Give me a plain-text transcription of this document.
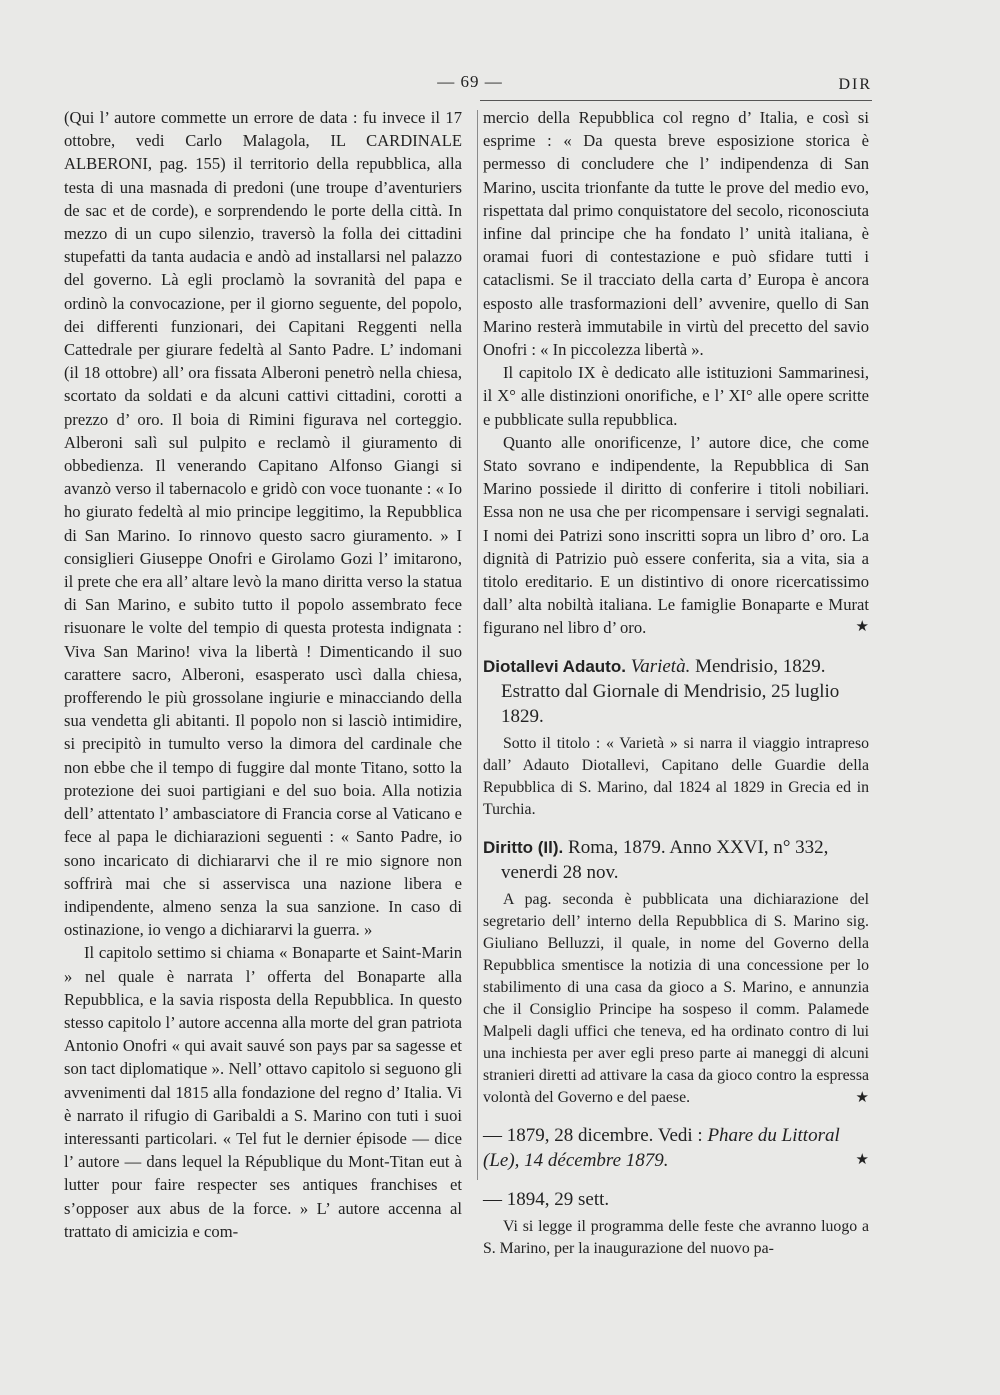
— 69 —	DIR

(Qui l’ autore commette un errore de data : fu invece il 17 ottobre, vedi Carlo Malagola, IL CARDINALE ALBERONI, pag. 155) il territorio della repubblica, alla testa di una masnada di predoni (une troupe d’aventuriers de sac et de corde), e sorprendendo le porte della città. In mezzo di un cupo silenzio, traversò la folla dei cittadini stupefatti da tanta audacia e andò ad installarsi nel palazzo del governo. Là egli proclamò la sovranità del papa e ordinò la convocazione, per il giorno seguente, del popolo, dei differenti funzionari, dei Capitani Reggenti nella Cattedrale per giurare fedeltà al Santo Padre. L’ indomani (il 18 ottobre) all’ ora fissata Alberoni penetrò nella chiesa, scortato da soldati e da alcuni cattivi cittadini, corotti a prezzo d’ oro. Il boia di Rimini figurava nel corteggio. Alberoni salì sul pulpito e reclamò il giuramento di obbedienza. Il venerando Capitano Alfonso Giangi si avanzò verso il tabernacolo e gridò con voce tuonante : « Io ho giurato fedeltà al mio principe leggitimo, la Repubblica di San Marino. Io rinnovo questo sacro giuramento. » I consiglieri Giuseppe Onofri e Girolamo Gozi l’ imitarono, il prete che era all’ altare levò la mano diritta verso la statua di San Marino, e subito tutto il popolo assembrato fece risuonare le volte del tempio di questa protesta indignata : Viva San Marino! viva la libertà ! Dimenticando il suo carattere sacro, Alberoni, esasperato uscì dalla chiesa, profferendo le più grossolane ingiurie e minacciando della sua vendetta gli abitanti. Il popolo non si lasciò intimidire, si precipitò in tumulto verso la dimora del cardinale che non ebbe che il tempo di fuggire dal monte Titano, sotto la protezione dei suoi partigiani e del suo boia. Alla notizia dell’ attentato l’ ambasciatore di Francia corse al Vaticano e fece al papa le dichiarazioni seguenti : « Santo Padre, io sono incaricato di dichiararvi che il re mio signore non soffrirà mai che si asservisca una nazione libera e indipendente, almeno senza la sua sanzione. In caso di ostinazione, io vengo a dichiararvi la guerra. »

Il capitolo settimo si chiama « Bonaparte et Saint-Marin » nel quale è narrata l’ offerta del Bonaparte alla Repubblica, e la savia risposta della Repubblica. In questo stesso capitolo l’ autore accenna alla morte del gran patriota Antonio Onofri « qui avait sauvé son pays par sa sagesse et son tact diplomatique ». Nell’ ottavo capitolo si seguono gli avvenimenti dal 1815 alla fondazione del regno d’ Italia. Vi è narrato il rifugio di Garibaldi a S. Marino con tuti i suoi interessanti particolari. « Tel fut le dernier épisode — dice l’ autore — dans lequel la République du Mont-Titan eut à lutter pour faire respecter ses antiques franchises et s’opposer aux abus de la force. » L’ autore accenna al trattato di amicizia e com-

mercio della Repubblica col regno d’ Italia, e così si esprime : « Da questa breve esposizione storica è permesso di concludere che l’ indipendenza di San Marino, uscita trionfante da tutte le prove del medio evo, rispettata dal primo conquistatore del secolo, riconosciuta infine dal principe che ha fondato l’ unità italiana, è oramai fuori di contestazione e può sfidare tutti i cataclismi. Se il tracciato della carta d’ Europa è ancora esposto alle trasformazioni dell’ avvenire, quello di San Marino resterà immutabile in virtù del precetto del savio Onofri : « In piccolezza libertà ».

Il capitolo IX è dedicato alle istituzioni Sammarinesi, il X° alle distinzioni onorifiche, e l’ XI° alle opere scritte e pubblicate sulla repubblica.

Quanto alle onorificenze, l’ autore dice, che come Stato sovrano e indipendente, la Repubblica di San Marino possiede il diritto di conferire i titoli nobiliari. Essa non ne usa che per ricompensare i servigi segnalati. I nomi dei Patrizi sono inscritti sopra un libro d’ oro. La dignità di Patrizio può essere conferita, sia a vita, sia a titolo ereditario. E un distintivo di onore ricercatissimo dall’ alta nobiltà italiana. Le famiglie Bonaparte e Murat figurano nel libro d’ oro.	★

Diotallevi Adauto. Varietà. Mendrisio, 1829.
Estratto dal Giornale di Mendrisio, 25 luglio 1829.

Sotto il titolo : « Varietà » si narra il viaggio intrapreso dall’ Adauto Diotallevi, Capitano delle Guardie della Repubblica di S. Marino, dal 1824 al 1829 in Grecia ed in Turchia.

Diritto (Il). Roma, 1879. Anno XXVI, n° 332,
venerdi 28 nov.

A pag. seconda è pubblicata una dichiarazione del segretario dell’ interno della Repubblica di S. Marino sig. Giuliano Belluzzi, il quale, in nome del Governo della Repubblica smentisce la notizia di una concessione per lo stabilimento di una casa da gioco a S. Marino, e annunzia che il Consiglio Principe ha sospeso il comm. Palamede Malpeli dagli uffici che teneva, ed ha ordinato contro di lui una inchiesta per aver egli preso parte ai maneggi di alcuni stranieri diretti ad attivare la casa da gioco contro la espressa volontà del Governo e del paese.	★

— 1879, 28 dicembre. Vedi : Phare du Littoral (Le), 14 décembre 1879.	★
— 1894, 29 sett.

Vi si legge il programma delle feste che avranno luogo a S. Marino, per la inaugurazione del nuovo pa-
